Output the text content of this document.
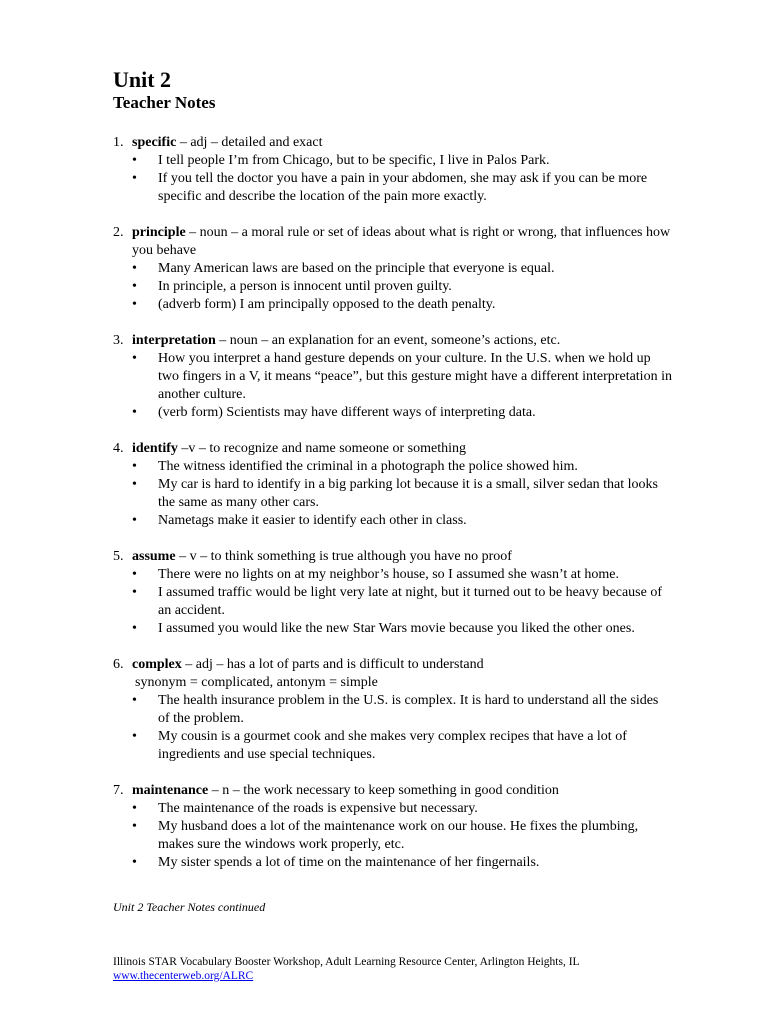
Unit 2
Teacher Notes
1. specific – adj – detailed and exact
•	I tell people I’m from Chicago, but to be specific, I live in Palos Park.
•	If you tell the doctor you have a pain in your abdomen, she may ask if you can be more specific and describe the location of the pain more exactly.
2. principle – noun – a moral rule or set of ideas about what is right or wrong, that influences how you behave
•	Many American laws are based on the principle that everyone is equal.
•	In principle, a person is innocent until proven guilty.
•	(adverb form) I am principally opposed to the death penalty.
3. interpretation – noun – an explanation for an event, someone’s actions, etc.
•	How you interpret a hand gesture depends on your culture. In the U.S. when we hold up two fingers in a V, it means “peace”, but this gesture might have a different interpretation in another culture.
•	(verb form) Scientists may have different ways of interpreting data.
4. identify –v – to recognize and name someone or something
•	The witness identified the criminal in a photograph the police showed him.
•	My car is hard to identify in a big parking lot because it is a small, silver sedan that looks the same as many other cars.
•	Nametags make it easier to identify each other in class.
5. assume – v – to think something is true although you have no proof
•	There were no lights on at my neighbor’s house, so I assumed she wasn’t at home.
•	I assumed traffic would be light very late at night, but it turned out to be heavy because of an accident.
•	I assumed you would like the new Star Wars movie because you liked the other ones.
6. complex – adj – has a lot of parts and is difficult to understand
synonym = complicated, antonym = simple
•	The health insurance problem in the U.S. is complex. It is hard to understand all the sides of the problem.
•	My cousin is a gourmet cook and she makes very complex recipes that have a lot of ingredients and use special techniques.
7. maintenance – n – the work necessary to keep something in good condition
•	The maintenance of the roads is expensive but necessary.
•	My husband does a lot of the maintenance work on our house. He fixes the plumbing, makes sure the windows work properly, etc.
•	My sister spends a lot of time on the maintenance of her fingernails.
Unit 2 Teacher Notes continued
Illinois STAR Vocabulary Booster Workshop, Adult Learning Resource Center, Arlington Heights, IL
www.thecenterweb.org/ALRC
